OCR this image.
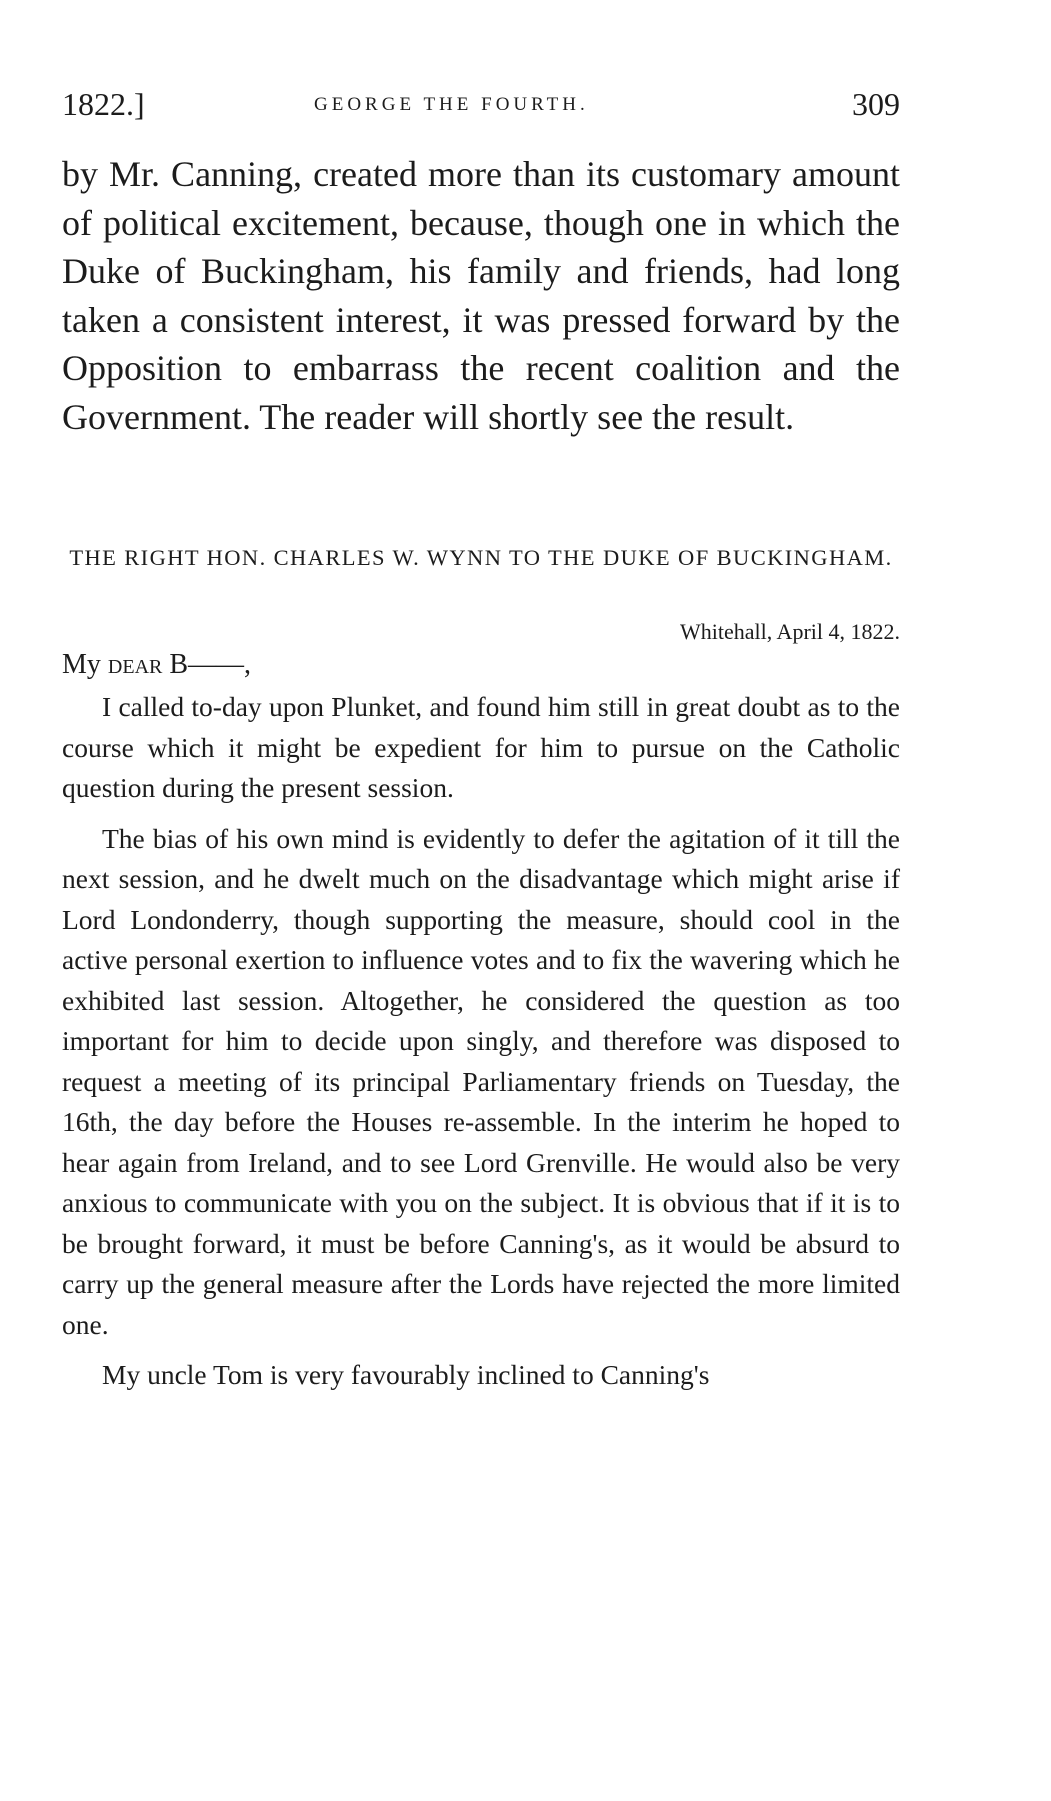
1822.]	GEORGE THE FOURTH.	309

by Mr. Canning, created more than its customary amount of political excitement, because, though one in which the Duke of Buckingham, his family and friends, had long taken a consistent interest, it was pressed forward by the Opposition to embarrass the recent coalition and the Government. The reader will shortly see the result.

THE RIGHT HON. CHARLES W. WYNN TO THE DUKE OF BUCKINGHAM.

Whitehall, April 4, 1822.
My dear B——,

I called to-day upon Plunket, and found him still in great doubt as to the course which it might be expedient for him to pursue on the Catholic question during the present session.

The bias of his own mind is evidently to defer the agitation of it till the next session, and he dwelt much on the disadvantage which might arise if Lord Londonderry, though supporting the measure, should cool in the active personal exertion to influence votes and to fix the wavering which he exhibited last session. Altogether, he considered the question as too important for him to decide upon singly, and therefore was disposed to request a meeting of its principal Parliamentary friends on Tuesday, the 16th, the day before the Houses re-assemble. In the interim he hoped to hear again from Ireland, and to see Lord Grenville. He would also be very anxious to communicate with you on the subject. It is obvious that if it is to be brought forward, it must be before Canning's, as it would be absurd to carry up the general measure after the Lords have rejected the more limited one.

My uncle Tom is very favourably inclined to Canning's
